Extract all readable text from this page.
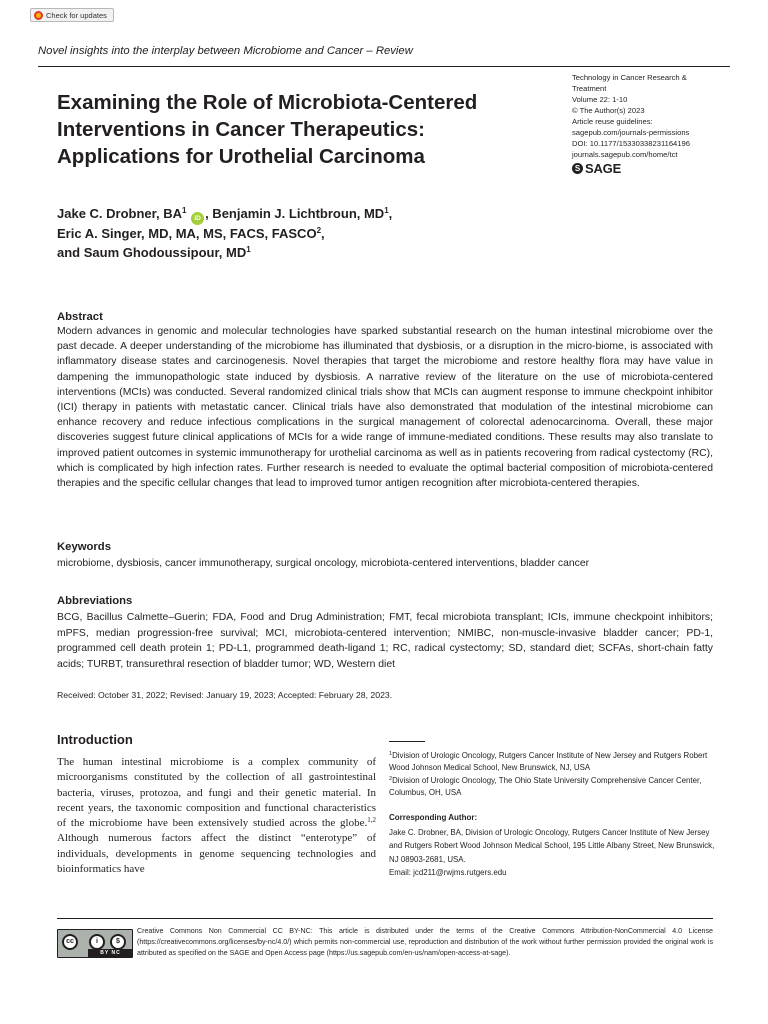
Check for updates
Novel insights into the interplay between Microbiome and Cancer – Review
Examining the Role of Microbiota-Centered
Interventions in Cancer Therapeutics:
Applications for Urothelial Carcinoma
Technology in Cancer Research &
Treatment
Volume 22: 1-10
© The Author(s) 2023
Article reuse guidelines:
sagepub.com/journals-permissions
DOI: 10.1177/15330338231164196
journals.sagepub.com/home/tct
S SAGE
Jake C. Drobner, $BA^1$ iD , Benjamin J. Lichtbroun, $MD^1$,
Eric A. Singer, MD, MA, MS, FACS, FASCO$^2$,
and Saum Ghodoussipour, $MD^1$
Abstract
Modern advances in genomic and molecular technologies have sparked substantial research on the human intestinal microbiome over the past decade. A deeper understanding of the microbiome has illuminated that dysbiosis, or a disruption in the micro-biome, is associated with inflammatory disease states and carcinogenesis. Novel therapies that target the microbiome and restore healthy flora may have value in dampening the immunopathologic state induced by dysbiosis. A narrative review of the literature on the use of microbiota-centered interventions (MCIs) was conducted. Several randomized clinical trials show that MCIs can augment response to immune checkpoint inhibitor (ICI) therapy in patients with metastatic cancer. Clinical trials have also demonstrated that modulation of the intestinal microbiome can enhance recovery and reduce infectious complications in the surgical management of colorectal adenocarcinoma. Overall, these major discoveries suggest future clinical applications of MCIs for a wide range of immune-mediated conditions. These results may also translate to improved patient outcomes in systemic immunotherapy for urothelial carcinoma as well as in patients recovering from radical cystectomy (RC), which is complicated by high infection rates. Further research is needed to evaluate the optimal bacterial composition of microbiota-centered therapies and the specific cellular changes that lead to improved tumor antigen recognition after microbiota-centered therapies.
Keywords
microbiome, dysbiosis, cancer immunotherapy, surgical oncology, microbiota-centered interventions, bladder cancer
Abbreviations
BCG, Bacillus Calmette–Guerin; FDA, Food and Drug Administration; FMT, fecal microbiota transplant; ICIs, immune checkpoint inhibitors; mPFS, median progression-free survival; MCI, microbiota-centered intervention; NMIBC, non-muscle-invasive bladder cancer; PD-1, programmed cell death protein 1; PD-L1, programmed death-ligand 1; RC, radical cystectomy; SD, standard diet; SCFAs, short-chain fatty acids; TURBT, transurethral resection of bladder tumor; WD, Western diet
Received: October 31, 2022; Revised: January 19, 2023; Accepted: February 28, 2023.
Introduction
The human intestinal microbiome is a complex community of microorganisms constituted by the collection of all gastrointestinal bacteria, viruses, protozoa, and fungi and their genetic material. In recent years, the taxonomic composition and functional characteristics of the microbiome have been extensively studied across the globe.$^{1,2}$ Although numerous factors affect the distinct “enterotype” of individuals, developments in genome sequencing technologies and bioinformatics have
$^1$Division of Urologic Oncology, Rutgers Cancer Institute of New Jersey and Rutgers Robert Wood Johnson Medical School, New Brunswick, NJ, USA
$^2$Division of Urologic Oncology, The Ohio State University Comprehensive Cancer Center, Columbus, OH, USA
Corresponding Author:
Jake C. Drobner, BA, Division of Urologic Oncology, Rutgers Cancer Institute of New Jersey and Rutgers Robert Wood Johnson Medical School, 195 Little Albany Street, New Brunswick, NJ 08903-2681, USA.
Email: jcd211@rwjms.rutgers.edu
cc	i	$
BY NC
Creative Commons Non Commercial CC BY-NC: This article is distributed under the terms of the Creative Commons Attribution-NonCommercial 4.0 License (https://creativecommons.org/licenses/by-nc/4.0/) which permits non-commercial use, reproduction and distribution of the work without further permission provided the original work is attributed as specified on the SAGE and Open Access page (https://us.sagepub.com/en-us/nam/open-access-at-sage).
